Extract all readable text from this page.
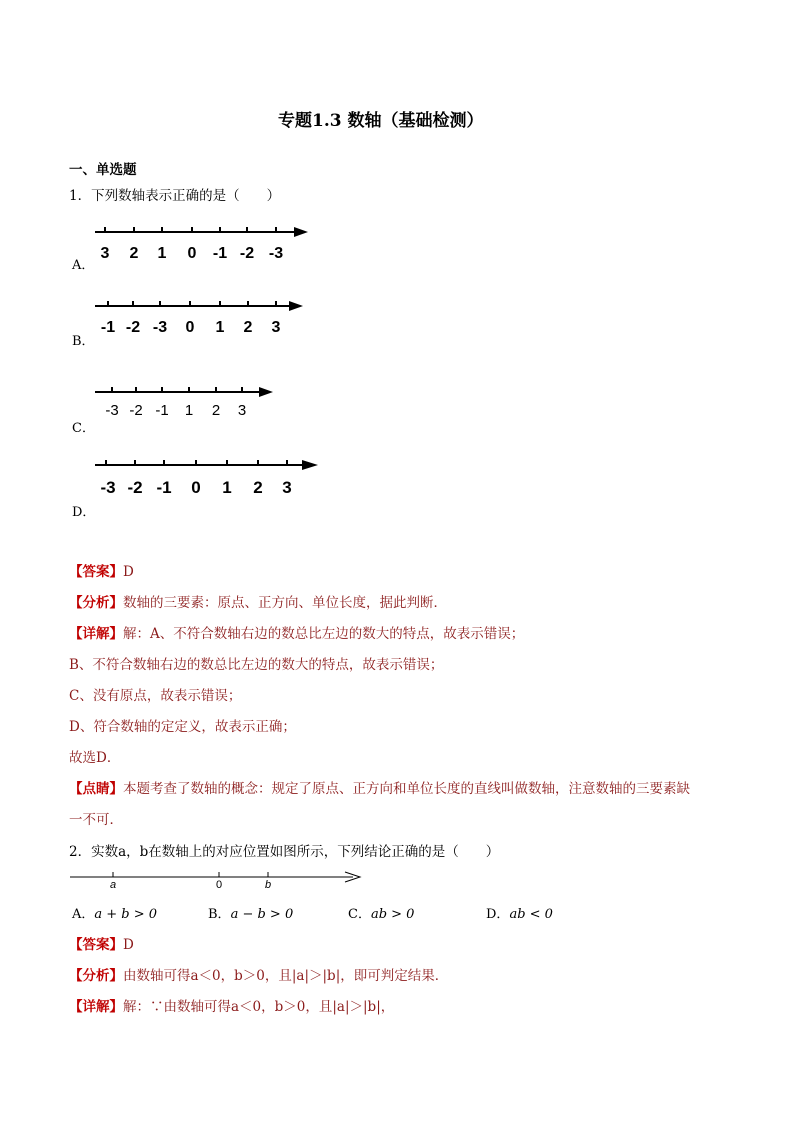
专题1.3 数轴（基础检测）
一、单选题
1．下列数轴表示正确的是（　　）
3 2 1 0 -1 -2 -3
A．
-1 -2 -3 0 1 2 3
B．
-3 -2 -1 1 2 3
C．
-3 -2 -1 0 1 2 3
D．
【答案】D
【分析】数轴的三要素：原点、正方向、单位长度，据此判断．
【详解】解：A、不符合数轴右边的数总比左边的数大的特点，故表示错误；
B、不符合数轴右边的数总比左边的数大的特点，故表示错误；
C、没有原点，故表示错误；
D、符合数轴的定定义，故表示正确；
故选D．
【点睛】本题考查了数轴的概念：规定了原点、正方向和单位长度的直线叫做数轴，注意数轴的三要素缺
一不可．
2．实数a，b在数轴上的对应位置如图所示，下列结论正确的是（　　）
a	0	b
A．a + b > 0	B．a − b > 0	C．ab > 0	D．ab < 0
【答案】D
【分析】由数轴可得a＜0，b＞0，且|a|＞|b|，即可判定结果．
【详解】解：∵由数轴可得a＜0，b＞0，且|a|＞|b|，
